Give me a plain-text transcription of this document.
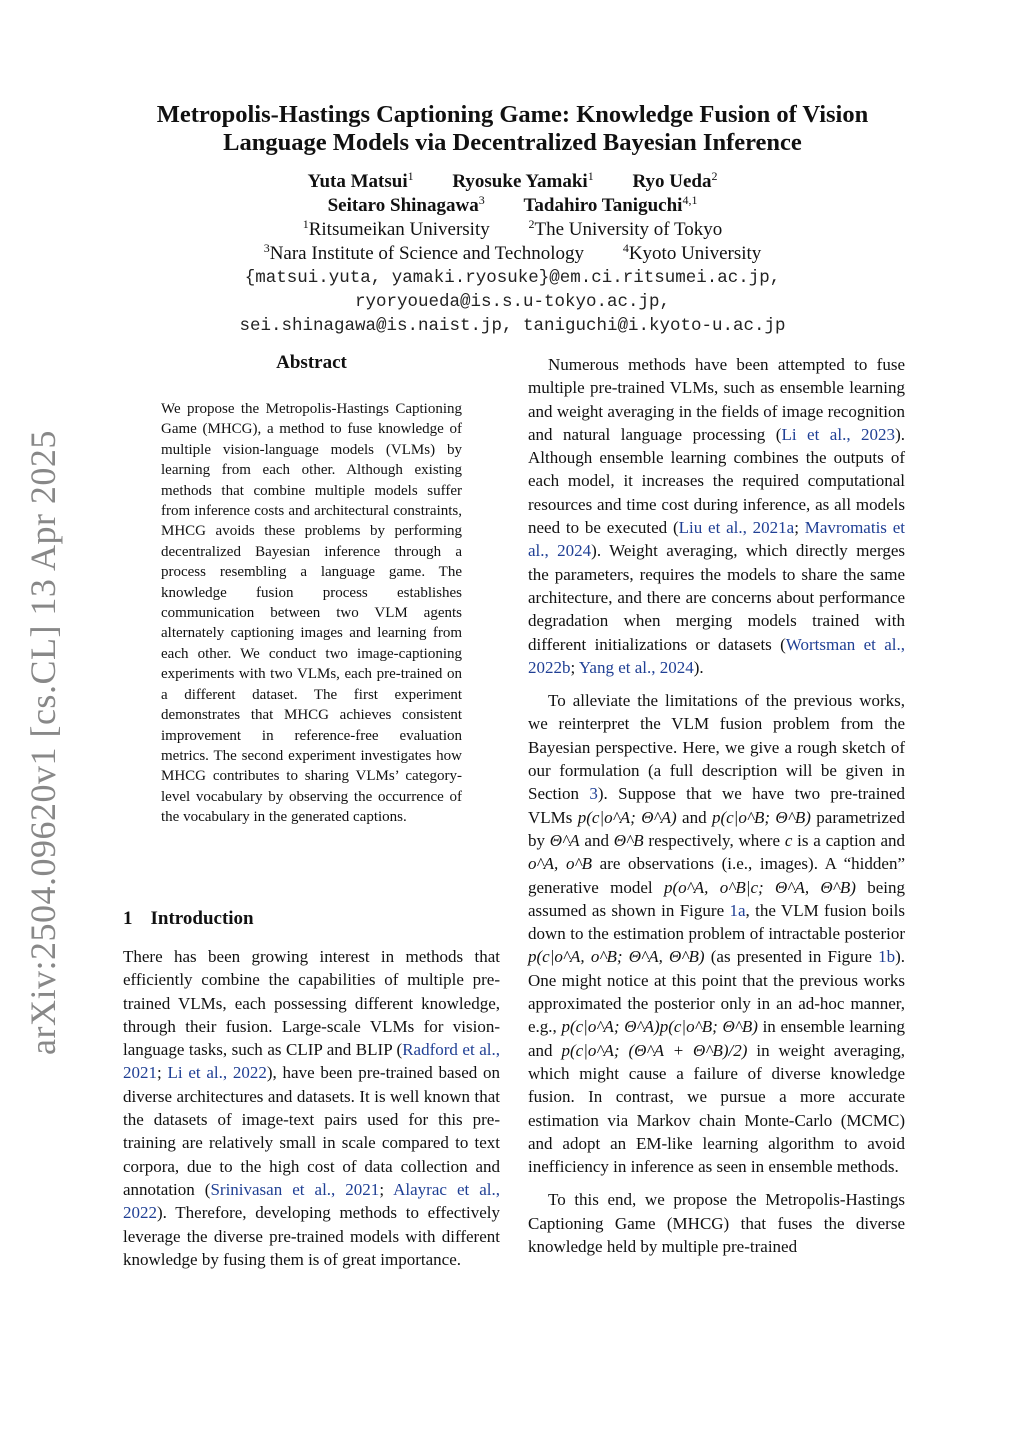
arXiv:2504.09620v1 [cs.CL] 13 Apr 2025
Metropolis-Hastings Captioning Game: Knowledge Fusion of Vision
Language Models via Decentralized Bayesian Inference
Yuta Matsui$^1$ Ryosuke Yamaki$^1$ Ryo Ueda$^2$
Seitaro Shinagawa$^3$ Tadahiro Taniguchi$^{4,1}$
$^1$Ritsumeikan University	$^2$The University of Tokyo
$^3$Nara Institute of Science and Technology	$^4$Kyoto University
{matsui.yuta, yamaki.ryosuke}@em.ci.ritsumei.ac.jp,
ryoryoueda@is.s.u-tokyo.ac.jp,
sei.shinagawa@is.naist.jp, taniguchi@i.kyoto-u.ac.jp
Abstract
We propose the Metropolis-Hastings Captioning Game (MHCG), a method to fuse knowledge of multiple vision-language models (VLMs) by learning from each other. Although existing methods that combine multiple models suffer from inference costs and architectural constraints, MHCG avoids these problems by performing decentralized Bayesian inference through a process resembling a language game. The knowledge fusion process establishes communication between two VLM agents alternately captioning images and learning from each other. We conduct two image-captioning experiments with two VLMs, each pre-trained on a different dataset. The first experiment demonstrates that MHCG achieves consistent improvement in reference-free evaluation metrics. The second experiment investigates how MHCG contributes to sharing VLMs’ category-level vocabulary by observing the occurrence of the vocabulary in the generated captions.
1 Introduction

There has been growing interest in methods that efficiently combine the capabilities of multiple pre-trained VLMs, each possessing different knowledge, through their fusion. Large-scale VLMs for vision-language tasks, such as CLIP and BLIP (Radford et al., 2021; Li et al., 2022), have been pre-trained based on diverse architectures and datasets. It is well known that the datasets of image-text pairs used for this pre-training are relatively small in scale compared to text corpora, due to the high cost of data collection and annotation (Srinivasan et al., 2021; Alayrac et al., 2022). Therefore, developing methods to effectively leverage the diverse pre-trained models with different knowledge by fusing them is of great importance.

Numerous methods have been attempted to fuse multiple pre-trained VLMs, such as ensemble learning and weight averaging in the fields of image recognition and natural language processing (Li et al., 2023). Although ensemble learning combines the outputs of each model, it increases the required computational resources and time cost during inference, as all models need to be executed (Liu et al., 2021a; Mavromatis et al., 2024). Weight averaging, which directly merges the parameters, requires the models to share the same architecture, and there are concerns about performance degradation when merging models trained with different initializations or datasets (Wortsman et al., 2022b; Yang et al., 2024).

To alleviate the limitations of the previous works, we reinterpret the VLM fusion problem from the Bayesian perspective. Here, we give a rough sketch of our formulation (a full description will be given in Section 3). Suppose that we have two pre-trained VLMs p(c|o^A; Θ^A) and p(c|o^B; Θ^B) parametrized by Θ^A and Θ^B respectively, where c is a caption and o^A, o^B are observations (i.e., images). A “hidden” generative model p(o^A, o^B|c; Θ^A, Θ^B) being assumed as shown in Figure 1a, the VLM fusion boils down to the estimation problem of intractable posterior p(c|o^A, o^B; Θ^A, Θ^B) (as presented in Figure 1b). One might notice at this point that the previous works approximated the posterior only in an ad-hoc manner, e.g., p(c|o^A; Θ^A)p(c|o^B; Θ^B) in ensemble learning and p(c|o^A; (Θ^A + Θ^B)/2) in weight averaging, which might cause a failure of diverse knowledge fusion. In contrast, we pursue a more accurate estimation via Markov chain Monte-Carlo (MCMC) and adopt an EM-like learning algorithm to avoid inefficiency in inference as seen in ensemble methods.

To this end, we propose the Metropolis-Hastings Captioning Game (MHCG) that fuses the diverse knowledge held by multiple pre-trained
